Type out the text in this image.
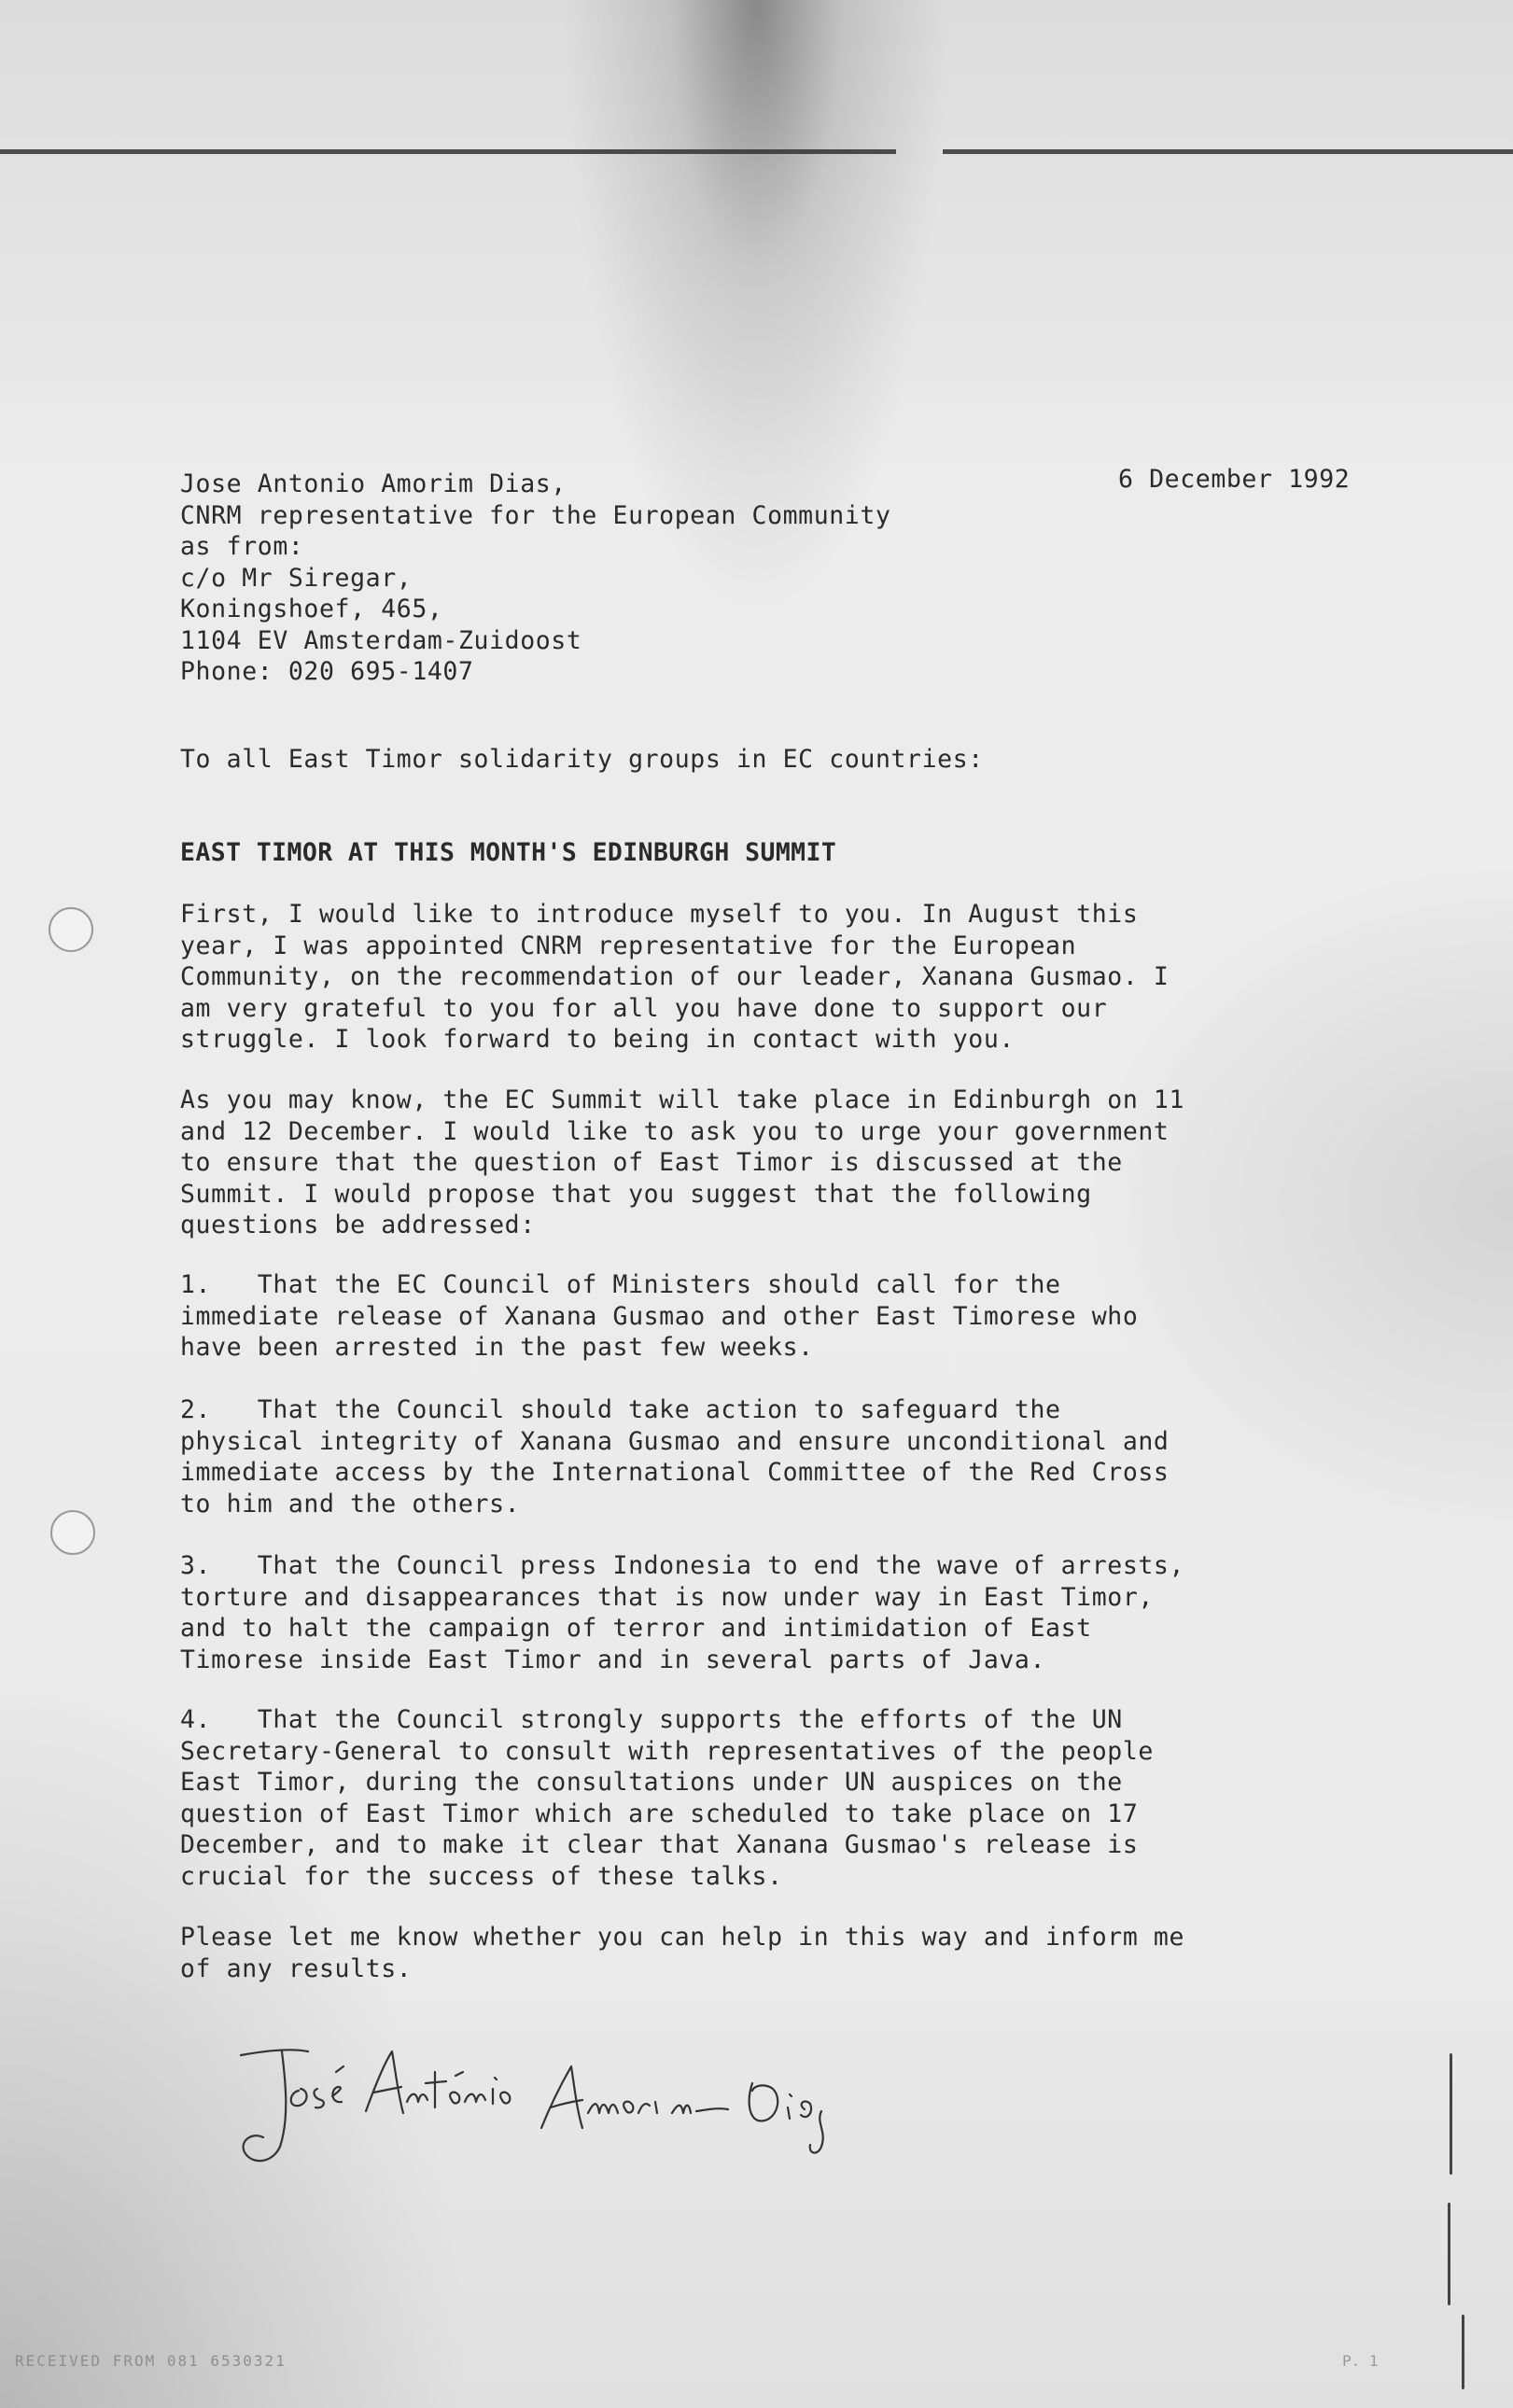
Jose Antonio Amorim Dias,
CNRM representative for the European Community
as from:
c/o Mr Siregar,
Koningshoef, 465,
1104 EV Amsterdam-Zuidoost
Phone: 020 695-1407
6 December 1992
To all East Timor solidarity groups in EC countries:
EAST TIMOR AT THIS MONTH'S EDINBURGH SUMMIT
First, I would like to introduce myself to you. In August this
year, I was appointed CNRM representative for the European
Community, on the recommendation of our leader, Xanana Gusmao. I
am very grateful to you for all you have done to support our
struggle. I look forward to being in contact with you.
As you may know, the EC Summit will take place in Edinburgh on 11
and 12 December. I would like to ask you to urge your government
to ensure that the question of East Timor is discussed at the
Summit. I would propose that you suggest that the following
questions be addressed:
1.   That the EC Council of Ministers should call for the
immediate release of Xanana Gusmao and other East Timorese who
have been arrested in the past few weeks.
2.   That the Council should take action to safeguard the
physical integrity of Xanana Gusmao and ensure unconditional and
immediate access by the International Committee of the Red Cross
to him and the others.
3.   That the Council press Indonesia to end the wave of arrests,
torture and disappearances that is now under way in East Timor,
and to halt the campaign of terror and intimidation of East
Timorese inside East Timor and in several parts of Java.
4.   That the Council strongly supports the efforts of the UN
Secretary-General to consult with representatives of the people
East Timor, during the consultations under UN auspices on the
question of East Timor which are scheduled to take place on 17
December, and to make it clear that Xanana Gusmao's release is
crucial for the success of these talks.
Please let me know whether you can help in this way and inform me
of any results.
RECEIVED FROM 081 6530321	P. 1
